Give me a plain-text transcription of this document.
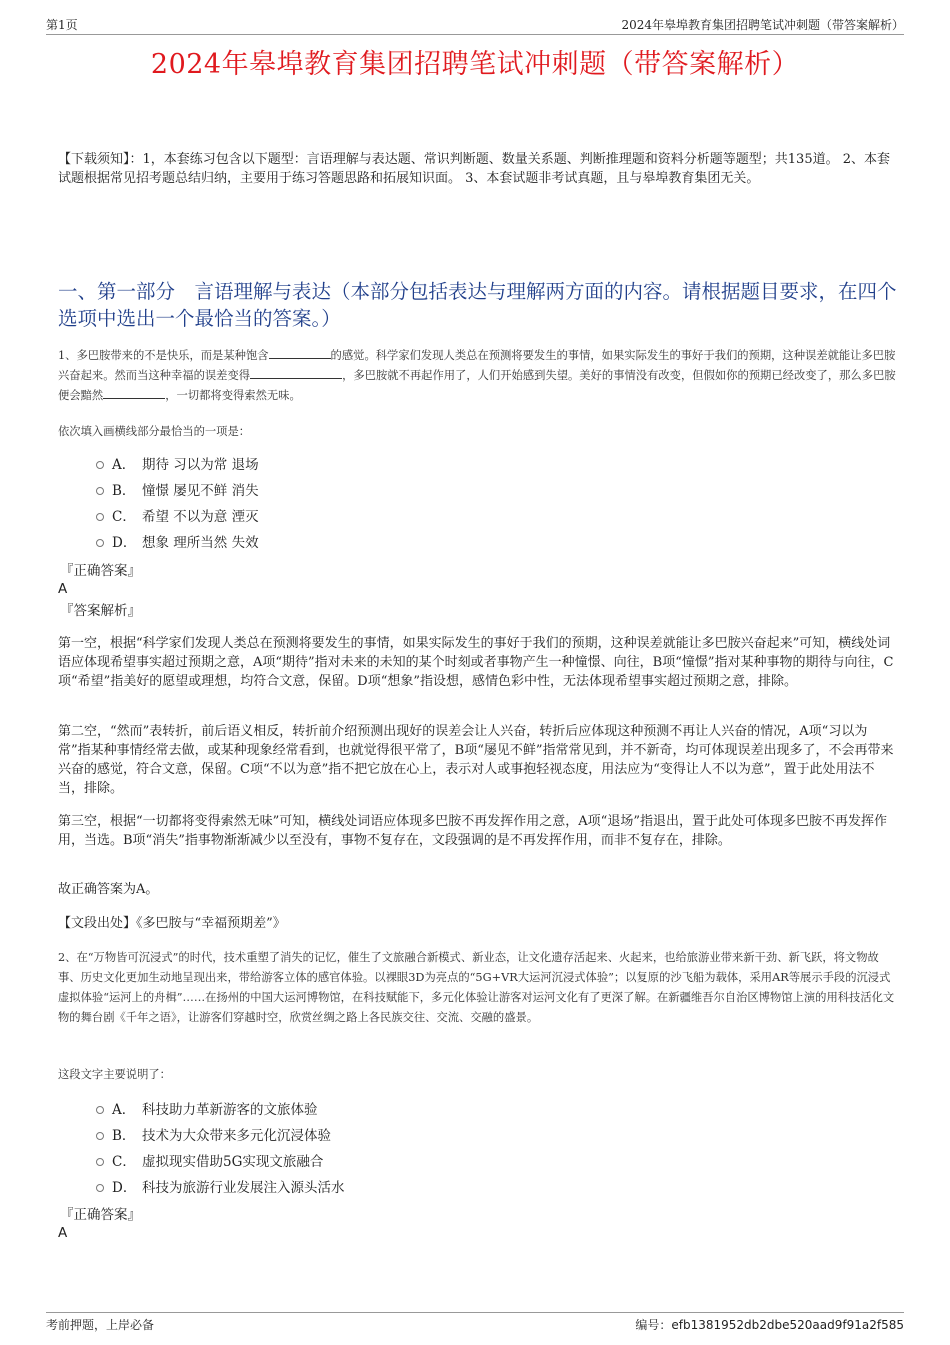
第1页	2024年皋埠教育集团招聘笔试冲刺题（带答案解析）
2024年皋埠教育集团招聘笔试冲刺题（带答案解析）
【下载须知】：1，本套练习包含以下题型：言语理解与表达题、常识判断题、数量关系题、判断推理题和资料分析题等题型；共135道。 2、本套试题根据常见招考题总结归纳，主要用于练习答题思路和拓展知识面。 3、本套试题非考试真题，且与皋埠教育集团无关。
一、第一部分　言语理解与表达（本部分包括表达与理解两方面的内容。请根据题目要求，在四个选项中选出一个最恰当的答案。）
1、多巴胺带来的不是快乐，而是某种饱含	的感觉。科学家们发现人类总在预测将要发生的事情，如果实际发生的事好于我们的预期，这种误差就能让多巴胺兴奋起来。然而当这种幸福的误差变得	，多巴胺就不再起作用了，人们开始感到失望。美好的事情没有改变，但假如你的预期已经改变了，那么多巴胺便会黯然	，一切都将变得索然无味。
依次填入画横线部分最恰当的一项是：
A． 期待 习以为常 退场
B． 憧憬 屡见不鲜 消失
C． 希望 不以为意 湮灭
D． 想象 理所当然 失效
『正确答案』
A
『答案解析』
第一空，根据“科学家们发现人类总在预测将要发生的事情，如果实际发生的事好于我们的预期，这种误差就能让多巴胺兴奋起来”可知，横线处词语应体现希望事实超过预期之意，A项“期待”指对未来的未知的某个时刻或者事物产生一种憧憬、向往，B项“憧憬”指对某种事物的期待与向往，C项“希望”指美好的愿望或理想，均符合文意，保留。D项“想象”指设想，感情色彩中性，无法体现希望事实超过预期之意，排除。
第二空，“然而”表转折，前后语义相反，转折前介绍预测出现好的误差会让人兴奋，转折后应体现这种预测不再让人兴奋的情况，A项“习以为常”指某种事情经常去做，或某种现象经常看到，也就觉得很平常了，B项“屡见不鲜”指常常见到，并不新奇，均可体现误差出现多了，不会再带来兴奋的感觉，符合文意，保留。C项“不以为意”指不把它放在心上，表示对人或事抱轻视态度，用法应为“变得让人不以为意”，置于此处用法不当，排除。
第三空，根据“一切都将变得索然无味”可知，横线处词语应体现多巴胺不再发挥作用之意，A项“退场”指退出，置于此处可体现多巴胺不再发挥作用，当选。B项“消失”指事物渐渐减少以至没有，事物不复存在，文段强调的是不再发挥作用，而非不复存在，排除。
故正确答案为A。
【文段出处】《多巴胺与“幸福预期差”》
2、在“万物皆可沉浸式”的时代，技术重塑了消失的记忆，催生了文旅融合新模式、新业态，让文化遗存活起来、火起来，也给旅游业带来新干劲、新飞跃，将文物故事、历史文化更加生动地呈现出来，带给游客立体的感官体验。以裸眼3D为亮点的“5G+VR大运河沉浸式体验”；以复原的沙飞船为载体，采用AR等展示手段的沉浸式虚拟体验“运河上的舟楫”……在扬州的中国大运河博物馆，在科技赋能下，多元化体验让游客对运河文化有了更深了解。在新疆维吾尔自治区博物馆上演的用科技活化文物的舞台剧《千年之语》，让游客们穿越时空，欣赏丝绸之路上各民族交往、交流、交融的盛景。
这段文字主要说明了：
A． 科技助力革新游客的文旅体验
B． 技术为大众带来多元化沉浸体验
C． 虚拟现实借助5G实现文旅融合
D． 科技为旅游行业发展注入源头活水
『正确答案』
A
考前押题，上岸必备	编号：efb1381952db2dbe520aad9f91a2f585
